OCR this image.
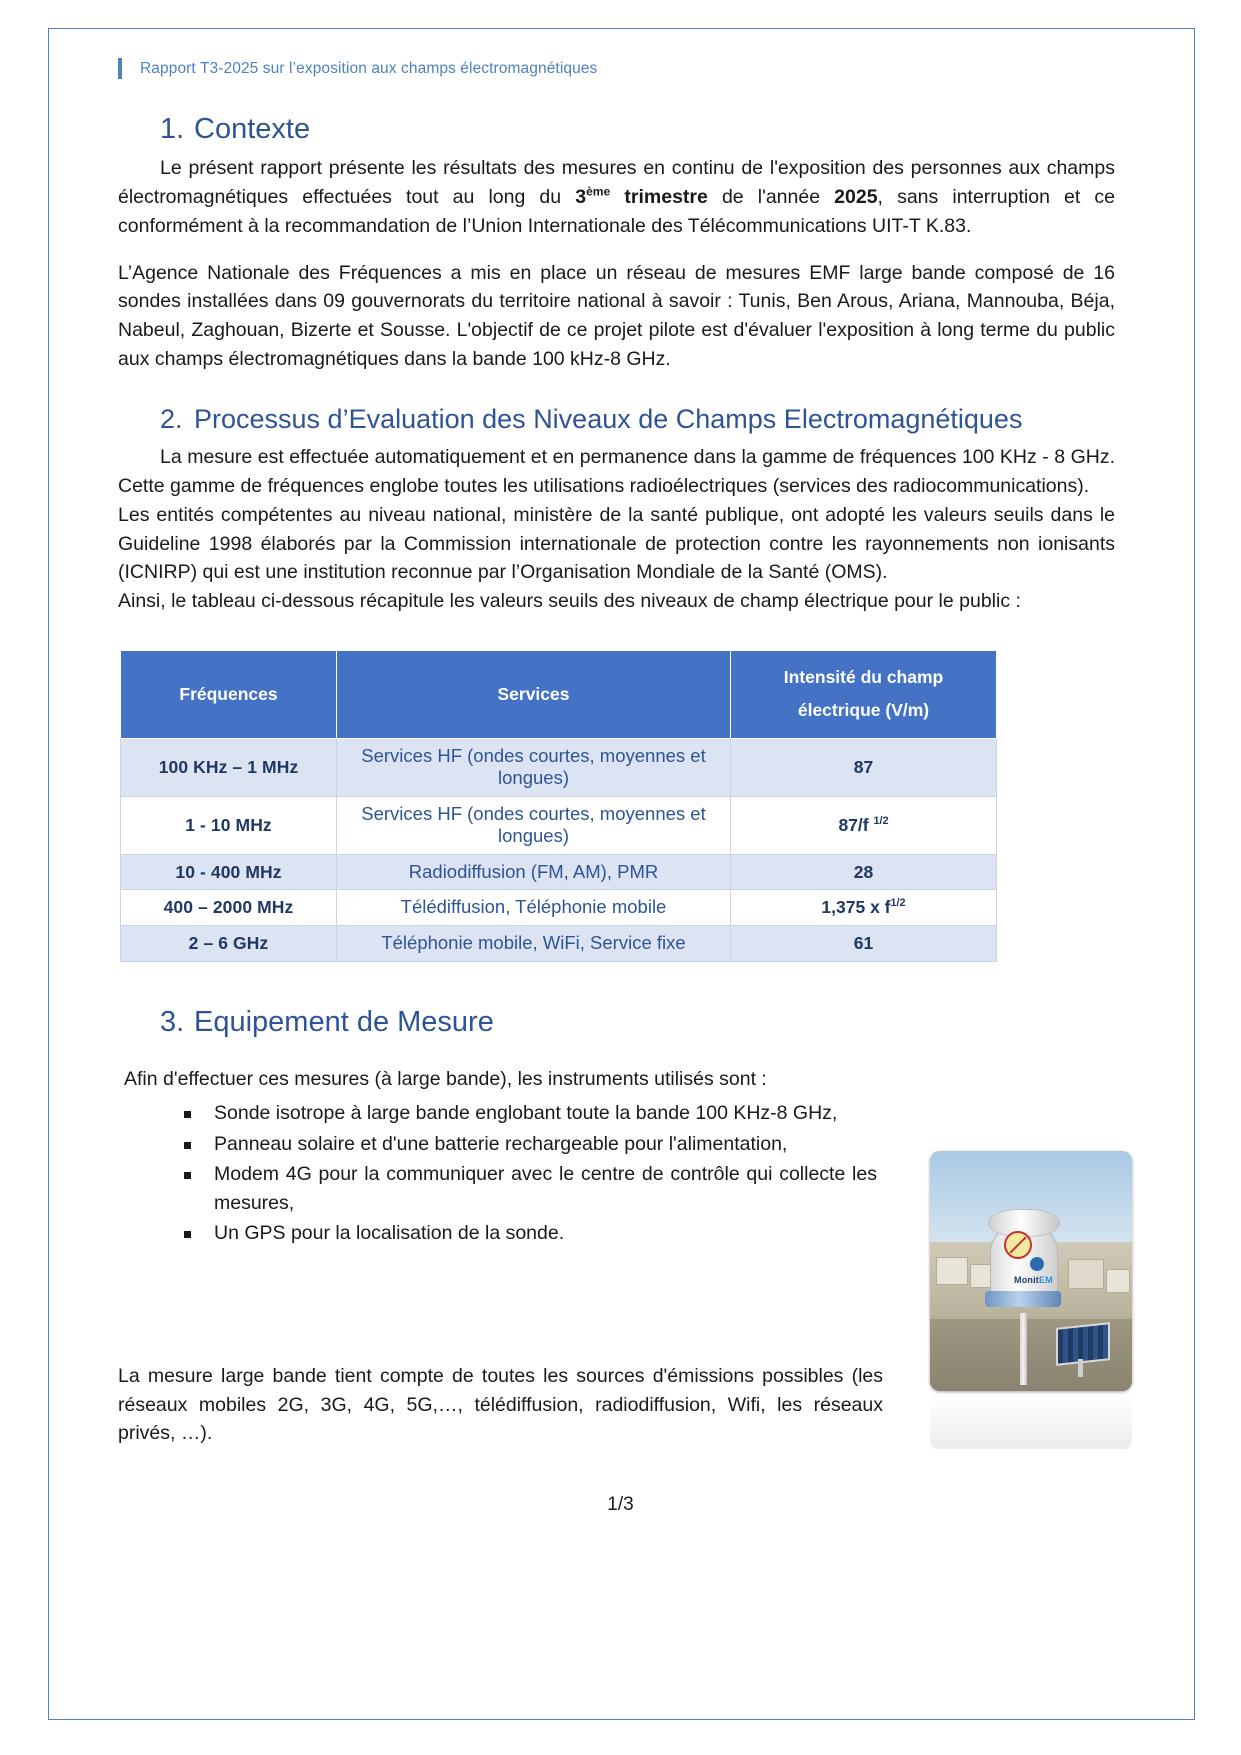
Rapport T3-2025 sur l’exposition aux champs électromagnétiques
1. Contexte

Le présent rapport présente les résultats des mesures en continu de l'exposition des personnes aux champs électromagnétiques effectuées tout au long du 3ème trimestre de l'année 2025, sans interruption et ce conformément à la recommandation de l’Union Internationale des Télécommunications UIT-T K.83.

L’Agence Nationale des Fréquences a mis en place un réseau de mesures EMF large bande composé de 16 sondes installées dans 09 gouvernorats du territoire national à savoir : Tunis, Ben Arous, Ariana, Mannouba, Béja, Nabeul, Zaghouan, Bizerte et Sousse. L'objectif de ce projet pilote est d'évaluer l'exposition à long terme du public aux champs électromagnétiques dans la bande 100 kHz-8 GHz.

2. Processus d’Evaluation des Niveaux de Champs Electromagnétiques

La mesure est effectuée automatiquement et en permanence dans la gamme de fréquences 100 KHz - 8 GHz. Cette gamme de fréquences englobe toutes les utilisations radioélectriques (services des radiocommunications).

Les entités compétentes au niveau national, ministère de la santé publique, ont adopté les valeurs seuils dans le Guideline 1998 élaborés par la Commission internationale de protection contre les rayonnements non ionisants (ICNIRP) qui est une institution reconnue par l’Organisation Mondiale de la Santé (OMS).

Ainsi, le tableau ci-dessous récapitule les valeurs seuils des niveaux de champ électrique pour le public :

Fréquences	Services	Intensité du champ
électrique (V/m)

100 KHz – 1 MHz	Services HF (ondes courtes, moyennes et longues)	87
1 - 10 MHz	Services HF (ondes courtes, moyennes et longues)	87/f $^{1/2}$
10 - 400 MHz	Radiodiffusion (FM, AM), PMR	28
400 – 2000 MHz	Télédiffusion, Téléphonie mobile	1,375 x $f^{1/2}$
2 – 6 GHz	Téléphonie mobile, WiFi, Service fixe	61
3. Equipement de Mesure

Afin d'effectuer ces mesures (à large bande), les instruments utilisés sont :

Sonde isotrope à large bande englobant toute la bande 100 KHz-8 GHz,
Panneau solaire et d'une batterie rechargeable pour l'alimentation,
Modem 4G pour la communiquer avec le centre de contrôle qui collecte les mesures,
Un GPS pour la localisation de la sonde.

La mesure large bande tient compte de toutes les sources d'émissions possibles (les réseaux mobiles 2G, 3G, 4G, 5G,…, télédiffusion, radiodiffusion, Wifi, les réseaux privés, …).

MonitEM
1/3
